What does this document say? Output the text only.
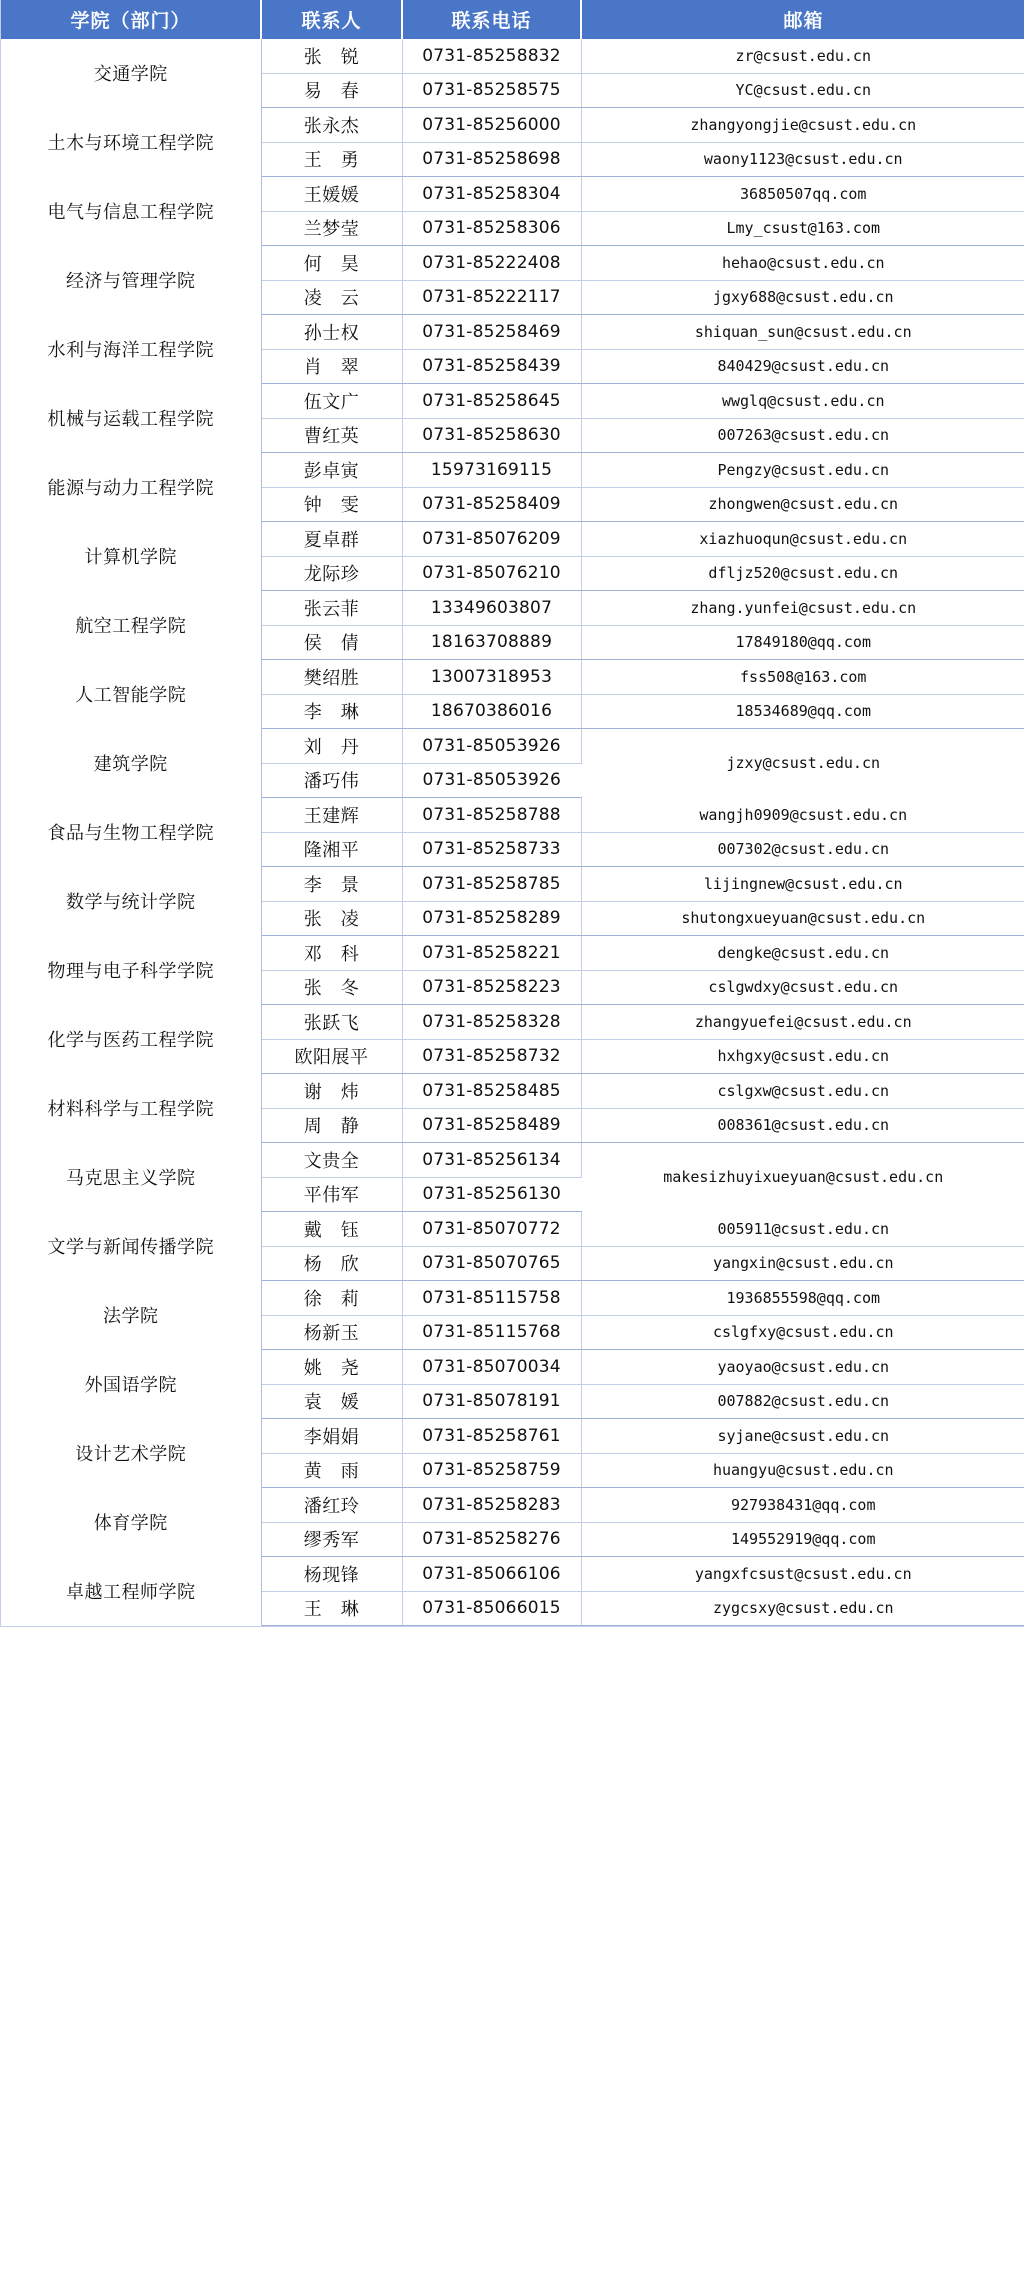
学院（部门）	联系人	联系电话	邮箱
交通学院	张　锐	0731-85258832	zr@csust.edu.cn
	易　春	0731-85258575	YC@csust.edu.cn
土木与环境工程学院	张永杰	0731-85256000	zhangyongjie@csust.edu.cn
	王　勇	0731-85258698	waony1123@csust.edu.cn
电气与信息工程学院	王媛媛	0731-85258304	36850507qq.com
	兰梦莹	0731-85258306	Lmy_csust@163.com
经济与管理学院	何　昊	0731-85222408	hehao@csust.edu.cn
	凌　云	0731-85222117	jgxy688@csust.edu.cn
水利与海洋工程学院	孙士权	0731-85258469	shiquan_sun@csust.edu.cn
	肖　翠	0731-85258439	840429@csust.edu.cn
机械与运载工程学院	伍文广	0731-85258645	wwglq@csust.edu.cn
	曹红英	0731-85258630	007263@csust.edu.cn
能源与动力工程学院	彭卓寅	15973169115	Pengzy@csust.edu.cn
	钟　雯	0731-85258409	zhongwen@csust.edu.cn
计算机学院	夏卓群	0731-85076209	xiazhuoqun@csust.edu.cn
	龙际珍	0731-85076210	dfljz520@csust.edu.cn
航空工程学院	张云菲	13349603807	zhang.yunfei@csust.edu.cn
	侯　倩	18163708889	17849180@qq.com
人工智能学院	樊绍胜	13007318953	fss508@163.com
	李　琳	18670386016	18534689@qq.com
建筑学院	刘　丹	0731-85053926	jzxy@csust.edu.cn
	潘巧伟	0731-85053926	
食品与生物工程学院	王建辉	0731-85258788	wangjh0909@csust.edu.cn
	隆湘平	0731-85258733	007302@csust.edu.cn
数学与统计学院	李　景	0731-85258785	lijingnew@csust.edu.cn
	张　凌	0731-85258289	shutongxueyuan@csust.edu.cn
物理与电子科学学院	邓　科	0731-85258221	dengke@csust.edu.cn
	张　冬	0731-85258223	cslgwdxy@csust.edu.cn
化学与医药工程学院	张跃飞	0731-85258328	zhangyuefei@csust.edu.cn
	欧阳展平	0731-85258732	hxhgxy@csust.edu.cn
材料科学与工程学院	谢　炜	0731-85258485	cslgxw@csust.edu.cn
	周　静	0731-85258489	008361@csust.edu.cn
马克思主义学院	文贵全	0731-85256134	makesizhuyixueyuan@csust.edu.cn
	平伟军	0731-85256130	
文学与新闻传播学院	戴　钰	0731-85070772	005911@csust.edu.cn
	杨　欣	0731-85070765	yangxin@csust.edu.cn
法学院	徐　莉	0731-85115758	1936855598@qq.com
	杨新玉	0731-85115768	cslgfxy@csust.edu.cn
外国语学院	姚　尧	0731-85070034	yaoyao@csust.edu.cn
	袁　媛	0731-85078191	007882@csust.edu.cn
设计艺术学院	李娟娟	0731-85258761	syjane@csust.edu.cn
	黄　雨	0731-85258759	huangyu@csust.edu.cn
体育学院	潘红玲	0731-85258283	927938431@qq.com
	缪秀军	0731-85258276	149552919@qq.com
卓越工程师学院	杨现锋	0731-85066106	yangxfcsust@csust.edu.cn
	王　琳	0731-85066015	zygcsxy@csust.edu.cn
